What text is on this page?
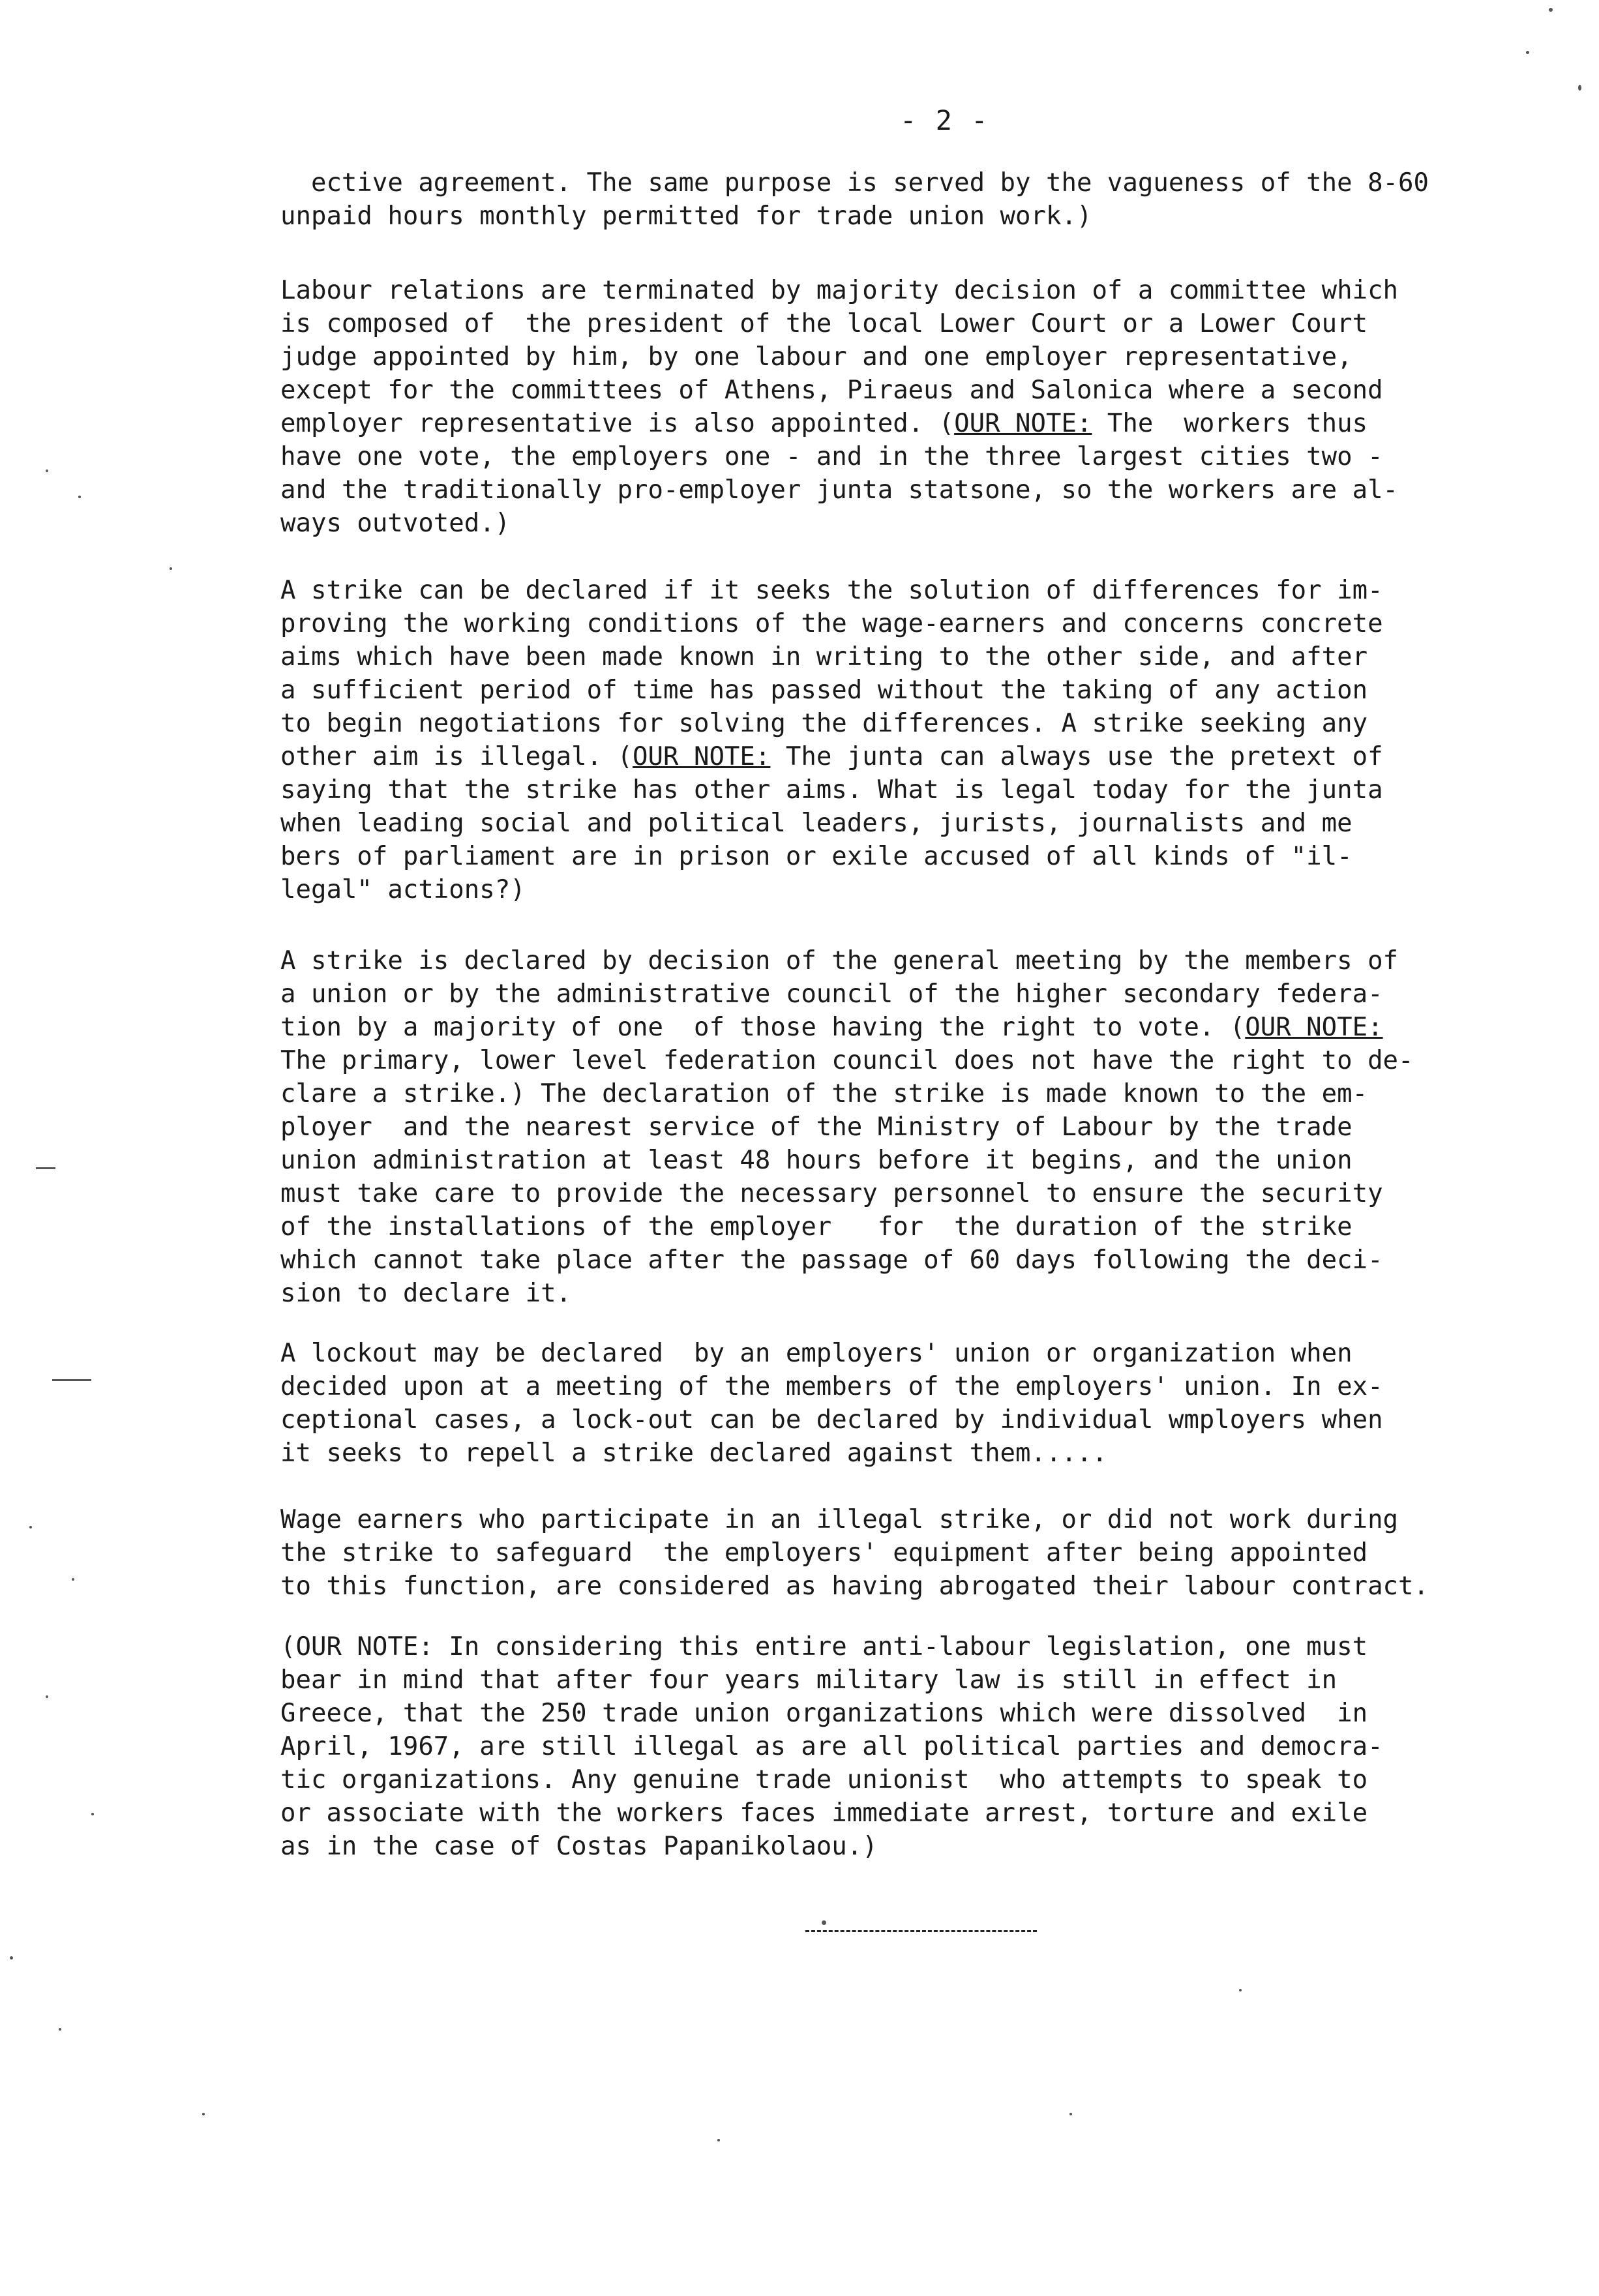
- 2 -
ective agreement. The same purpose is served by the vagueness of the 8-60
unpaid hours monthly permitted for trade union work.)
Labour relations are terminated by majority decision of a committee which
is composed of  the president of the local Lower Court or a Lower Court
judge appointed by him, by one labour and one employer representative,
except for the committees of Athens, Piraeus and Salonica where a second
employer representative is also appointed. (OUR NOTE: The  workers thus
have one vote, the employers one - and in the three largest cities two -
and the traditionally pro-employer junta statsone, so the workers are al-
ways outvoted.)
A strike can be declared if it seeks the solution of differences for im-
proving the working conditions of the wage-earners and concerns concrete
aims which have been made known in writing to the other side, and after
a sufficient period of time has passed without the taking of any action
to begin negotiations for solving the differences. A strike seeking any
other aim is illegal. (OUR NOTE: The junta can always use the pretext of
saying that the strike has other aims. What is legal today for the junta
when leading social and political leaders, jurists, journalists and me
bers of parliament are in prison or exile accused of all kinds of "il-
legal" actions?)
A strike is declared by decision of the general meeting by the members of
a union or by the administrative council of the higher secondary federa-
tion by a majority of one  of those having the right to vote. (OUR NOTE:
The primary, lower level federation council does not have the right to de-
clare a strike.) The declaration of the strike is made known to the em-
ployer  and the nearest service of the Ministry of Labour by the trade
union administration at least 48 hours before it begins, and the union
must take care to provide the necessary personnel to ensure the security
of the installations of the employer   for  the duration of the strike
which cannot take place after the passage of 60 days following the deci-
sion to declare it.
A lockout may be declared  by an employers' union or organization when
decided upon at a meeting of the members of the employers' union. In ex-
ceptional cases, a lock-out can be declared by individual wmployers when
it seeks to repell a strike declared against them.....
Wage earners who participate in an illegal strike, or did not work during
the strike to safeguard  the employers' equipment after being appointed
to this function, are considered as having abrogated their labour contract.
(OUR NOTE: In considering this entire anti-labour legislation, one must
bear in mind that after four years military law is still in effect in
Greece, that the 250 trade union organizations which were dissolved  in
April, 1967, are still illegal as are all political parties and democra-
tic organizations. Any genuine trade unionist  who attempts to speak to
or associate with the workers faces immediate arrest, torture and exile
as in the case of Costas Papanikolaou.)
